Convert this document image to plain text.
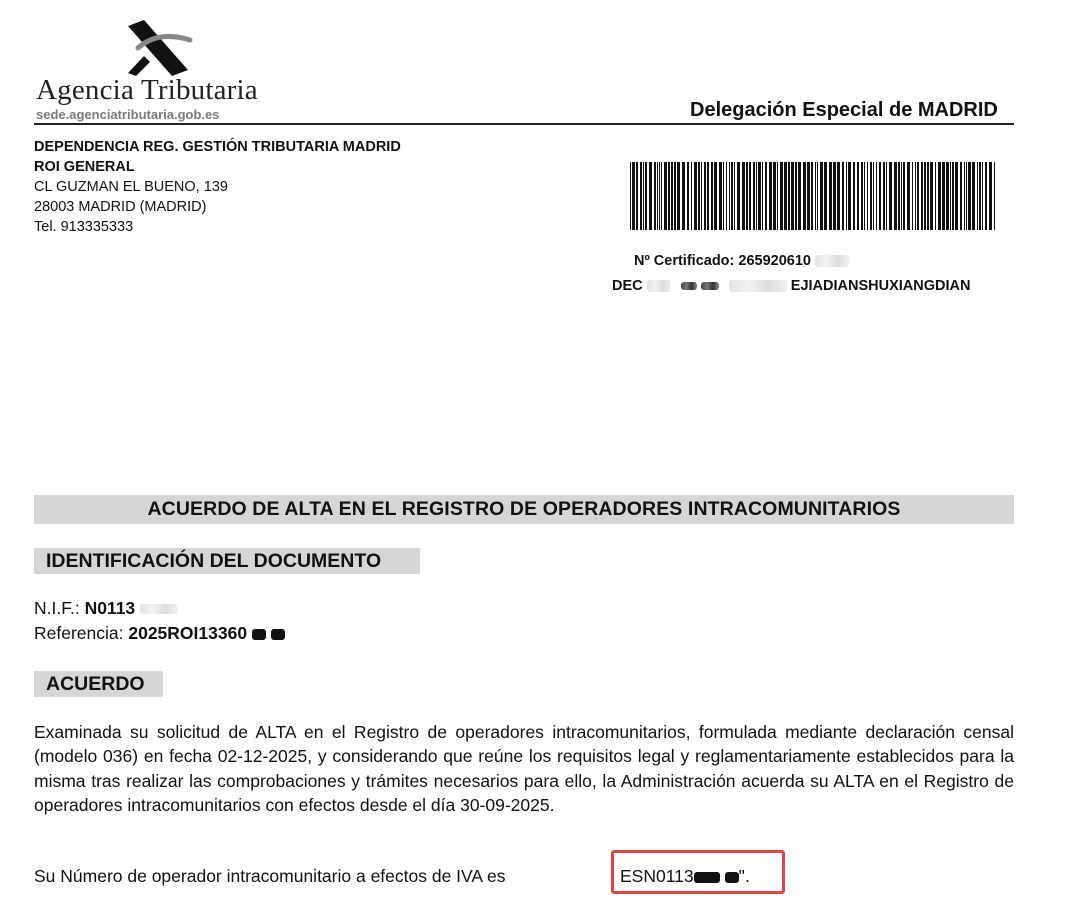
Agencia Tributaria
sede.agenciatributaria.gob.es	Delegación Especial de MADRID
DEPENDENCIA REG. GESTIÓN TRIBUTARIA MADRID
ROI GENERAL
CL GUZMAN EL BUENO, 139
28003 MADRID (MADRID)
Tel. 913335333
Nº Certificado: 265920610
DEC	EJIADIANSHUXIANGDIAN
ACUERDO DE ALTA EN EL REGISTRO DE OPERADORES INTRACOMUNITARIOS
IDENTIFICACIÓN DEL DOCUMENTO
N.I.F.: N0113
Referencia: 2025ROI13360
ACUERDO
Examinada su solicitud de ALTA en el Registro de operadores intracomunitarios, formulada mediante declaración censal (modelo 036) en fecha 02-12-2025, y considerando que reúne los requisitos legal y reglamentariamente establecidos para la misma tras realizar las comprobaciones y trámites necesarios para ello, la Administración acuerda su ALTA en el Registro de operadores intracomunitarios con efectos desde el día 30-09-2025.
Su Número de operador intracomunitario a efectos de IVA es	ESN0113	".
